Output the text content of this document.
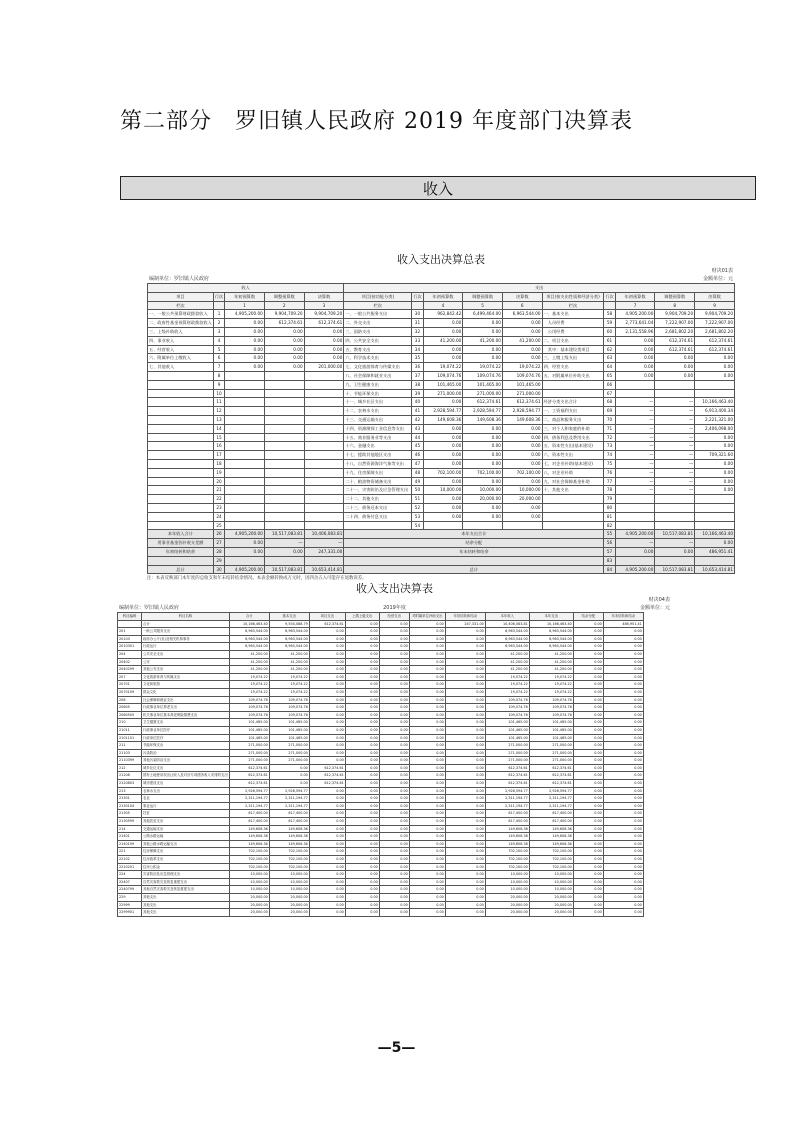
第二部分　罗旧镇人民政府 2019 年度部门决算表
收入
收入支出决算总表
财决01表
编制单位：罗旧镇人民政府	金额单位：元
收入					支出									
项目	行次	年初预算数	调整预算数	决算数	项目(按功能分类)	行次	年初预算数	调整预算数	决算数	项目(按支出性质和经济分类)	行次	年初预算数	调整预算数	决算数
栏次		1	2	3	栏次		4	5	6	栏次		7	8	9
一、一般公共预算财政拨款收入	1	4,905,200.00	9,904,709.20	9,904,709.20	一、一般公共服务支出	30	962,842.42	6,499,464.00	6,963,544.00	一、基本支出	58	4,905,200.00	9,904,709.20	9,904,709.20
二、政府性基金预算财政拨款收入	2	0.00	612,374.61	612,374.61	二、外交支出	31	0.00	0.00	0.00	　人员经费	59	2,773,641.04	7,222,907.00	7,222,907.00
三、上级补助收入	3	0.00	0.00	0.00	三、国防支出	32	0.00	0.00	0.00	　公用经费	60	2,131,558.96	2,681,802.20	2,681,802.20
四、事业收入	4	0.00	0.00	0.00	四、公共安全支出	33	41,200.00	41,200.00	41,200.00	二、项目支出	61	0.00	612,374.61	612,374.61
五、经营收入	5	0.00	0.00	0.00	五、教育支出	34	0.00	0.00	0.00	　其中：基本建设类项目	62	0.00	612,374.61	612,374.61
六、附属单位上缴收入	6	0.00	0.00	0.00	六、科学技术支出	35	0.00	0.00	0.00	三、上缴上级支出	63	0.00	0.00	0.00
七、其他收入	7	0.00	0.00	201,000.00	七、文化旅游体育与传媒支出	36	19,074.22	19,074.22	19,074.22	四、经营支出	64	0.00	0.00	0.00
	8				八、社会保障和就业支出	37	109,074.76	109,074.76	109,074.76	五、对附属单位补助支出	65	0.00	0.00	0.00
	9				九、卫生健康支出	38	101,465.00	101,465.00	101,465.00		66			
	10				十、节能环保支出	39	271,000.00	271,000.00	271,000.00		67			
	11				十一、城乡社区支出	40	0.00	612,374.61	612,374.61	经济分类支出合计	68	—	—	10,166,463.40
	12				十二、农林水支出	41	2,928,594.77	2,928,594.77	2,928,594.77	一、工资福利支出	69	—	—	6,913,400.34
	13				十三、交通运输支出	42	149,608.36	149,608.36	149,608.36	二、商品和服务支出	70	—	—	2,221,321.00
	14				十四、资源勘探工业信息等支出	43	0.00	0.00	0.00	三、对个人和家庭的补助	71	—	—	2,406,098.00
	15				十五、商业服务业等支出	44	0.00	0.00	0.00	四、债务利息及费用支出	72	—	—	0.00
	16				十六、金融支出	45	0.00	0.00	0.00	五、资本性支出(基本建设)	73	—	—	0.00
	17				十七、援助其他地区支出	46	0.00	0.00	0.00	六、资本性支出	74	—	—	709,321.60
	18				十八、自然资源海洋气象等支出	47	0.00	0.00	0.00	七、对企业补助(基本建设)	75	—	—	0.00
	19				十九、住房保障支出	48	702,100.00	702,100.00	702,100.00	八、对企业补助	76	—	—	0.00
	20				二十、粮油物资储备支出	49	0.00	0.00	0.00	九、对社会保障基金补助	77	—	—	0.00
	21				二十一、灾害防治及应急管理支出	50	10,000.00	10,000.00	10,000.00	十、其他支出	78	—	—	0.00
	22				二十二、其他支出	51	0.00	20,000.00	20,000.00		79			
	23				二十三、债务还本支出	52	0.00	0.00	0.00		80			
	24				二十四、债务付息支出	53	0.00	0.00	0.00		81			
	25					54					82			
本年收入合计	26	4,905,200.00	10,517,083.81	10,406,083.81	本年支出合计						55	4,905,200.00	10,517,083.81	10,166,463.40
用事业基金弥补收支差额	27	0.00	—	—	结余分配						56	—	—	0.00
年初结转和结余	28	0.00	0.00	247,331.00	年末结转和结余						57	0.00	0.00	486,951.41
	29										83			
总计	30	4,905,200.00	10,517,083.81	10,653,414.81	总计						84	4,905,200.00	10,517,083.81	10,653,414.81
注：本表反映部门本年度的总收支和年末结转结余情况。本表金额转换成万元时，因四舍五入可能存在尾数误差。
收入支出决算表
财决04表
编制单位：罗旧镇人民政府	2019年度	金额单位：元
科目编码	科目名称	合计	基本支出	项目支出	上缴上级支出	经营支出	对附属单位补助支出	年初结转和结余	本年收入	本年支出	结余分配	年末结转和结余
	合计	10,166,463.40	9,554,088.79	612,374.61	0.00	0.00	0.00	247,331.00	10,406,083.81	10,166,463.40	0.00	486,951.41
201	一般公共服务支出	6,963,544.00	6,963,544.00	0.00	0.00	0.00	0.00	0.00	6,963,544.00	6,963,544.00	0.00	0.00
20103	政府办公厅(室)及相关机构事务	6,963,544.00	6,963,544.00	0.00	0.00	0.00	0.00	0.00	6,963,544.00	6,963,544.00	0.00	0.00
2010301	行政运行	6,963,544.00	6,963,544.00	0.00	0.00	0.00	0.00	0.00	6,963,544.00	6,963,544.00	0.00	0.00
204	公共安全支出	41,200.00	41,200.00	0.00	0.00	0.00	0.00	0.00	41,200.00	41,200.00	0.00	0.00
20402	公安	41,200.00	41,200.00	0.00	0.00	0.00	0.00	0.00	41,200.00	41,200.00	0.00	0.00
2040299	其他公安支出	41,200.00	41,200.00	0.00	0.00	0.00	0.00	0.00	41,200.00	41,200.00	0.00	0.00
207	文化旅游体育与传媒支出	19,074.22	19,074.22	0.00	0.00	0.00	0.00	0.00	19,074.22	19,074.22	0.00	0.00
20701	文化和旅游	19,074.22	19,074.22	0.00	0.00	0.00	0.00	0.00	19,074.22	19,074.22	0.00	0.00
2070109	群众文化	19,074.22	19,074.22	0.00	0.00	0.00	0.00	0.00	19,074.22	19,074.22	0.00	0.00
208	社会保障和就业支出	109,074.76	109,074.76	0.00	0.00	0.00	0.00	0.00	109,074.76	109,074.76	0.00	0.00
20805	行政事业单位养老支出	109,074.76	109,074.76	0.00	0.00	0.00	0.00	0.00	109,074.76	109,074.76	0.00	0.00
2080505	机关事业单位基本养老保险缴费支出	109,074.76	109,074.76	0.00	0.00	0.00	0.00	0.00	109,074.76	109,074.76	0.00	0.00
210	卫生健康支出	101,465.00	101,465.00	0.00	0.00	0.00	0.00	0.00	101,465.00	101,465.00	0.00	0.00
21011	行政事业单位医疗	101,465.00	101,465.00	0.00	0.00	0.00	0.00	0.00	101,465.00	101,465.00	0.00	0.00
2101101	行政单位医疗	101,465.00	101,465.00	0.00	0.00	0.00	0.00	0.00	101,465.00	101,465.00	0.00	0.00
211	节能环保支出	271,000.00	271,000.00	0.00	0.00	0.00	0.00	0.00	271,000.00	271,000.00	0.00	0.00
21103	污染防治	271,000.00	271,000.00	0.00	0.00	0.00	0.00	0.00	271,000.00	271,000.00	0.00	0.00
2110399	其他污染防治支出	271,000.00	271,000.00	0.00	0.00	0.00	0.00	0.00	271,000.00	271,000.00	0.00	0.00
212	城乡社区支出	612,374.61	0.00	612,374.61	0.00	0.00	0.00	0.00	612,374.61	612,374.61	0.00	0.00
21208	国有土地使用权出让收入及对应专项债务收入安排的支出	612,374.61	0.00	612,374.61	0.00	0.00	0.00	0.00	612,374.61	612,374.61	0.00	0.00
2120803	城市建设支出	612,374.61	0.00	612,374.61	0.00	0.00	0.00	0.00	612,374.61	612,374.61	0.00	0.00
213	农林水支出	2,928,594.77	2,928,594.77	0.00	0.00	0.00	0.00	0.00	2,928,594.77	2,928,594.77	0.00	0.00
21301	农业	2,311,194.77	2,311,194.77	0.00	0.00	0.00	0.00	0.00	2,311,194.77	2,311,194.77	0.00	0.00
2130104	事业运行	2,311,194.77	2,311,194.77	0.00	0.00	0.00	0.00	0.00	2,311,194.77	2,311,194.77	0.00	0.00
21305	扶贫	617,400.00	617,400.00	0.00	0.00	0.00	0.00	0.00	617,400.00	617,400.00	0.00	0.00
2130599	其他扶贫支出	617,400.00	617,400.00	0.00	0.00	0.00	0.00	0.00	617,400.00	617,400.00	0.00	0.00
214	交通运输支出	149,608.36	149,608.36	0.00	0.00	0.00	0.00	0.00	149,608.36	149,608.36	0.00	0.00
21401	公路水路运输	149,608.36	149,608.36	0.00	0.00	0.00	0.00	0.00	149,608.36	149,608.36	0.00	0.00
2140199	其他公路水路运输支出	149,608.36	149,608.36	0.00	0.00	0.00	0.00	0.00	149,608.36	149,608.36	0.00	0.00
221	住房保障支出	702,100.00	702,100.00	0.00	0.00	0.00	0.00	0.00	702,100.00	702,100.00	0.00	0.00
22102	住房改革支出	702,100.00	702,100.00	0.00	0.00	0.00	0.00	0.00	702,100.00	702,100.00	0.00	0.00
2210201	住房公积金	702,100.00	702,100.00	0.00	0.00	0.00	0.00	0.00	702,100.00	702,100.00	0.00	0.00
224	灾害防治及应急管理支出	10,000.00	10,000.00	0.00	0.00	0.00	0.00	0.00	10,000.00	10,000.00	0.00	0.00
22407	自然灾害救灾及恢复重建支出	10,000.00	10,000.00	0.00	0.00	0.00	0.00	0.00	10,000.00	10,000.00	0.00	0.00
2240799	其他自然灾害救灾及恢复重建支出	10,000.00	10,000.00	0.00	0.00	0.00	0.00	0.00	10,000.00	10,000.00	0.00	0.00
229	其他支出	20,000.00	20,000.00	0.00	0.00	0.00	0.00	0.00	20,000.00	20,000.00	0.00	0.00
22999	其他支出	20,000.00	20,000.00	0.00	0.00	0.00	0.00	0.00	20,000.00	20,000.00	0.00	0.00
2299901	其他支出	20,000.00	20,000.00	0.00	0.00	0.00	0.00	0.00	20,000.00	20,000.00	0.00	0.00
—5—
